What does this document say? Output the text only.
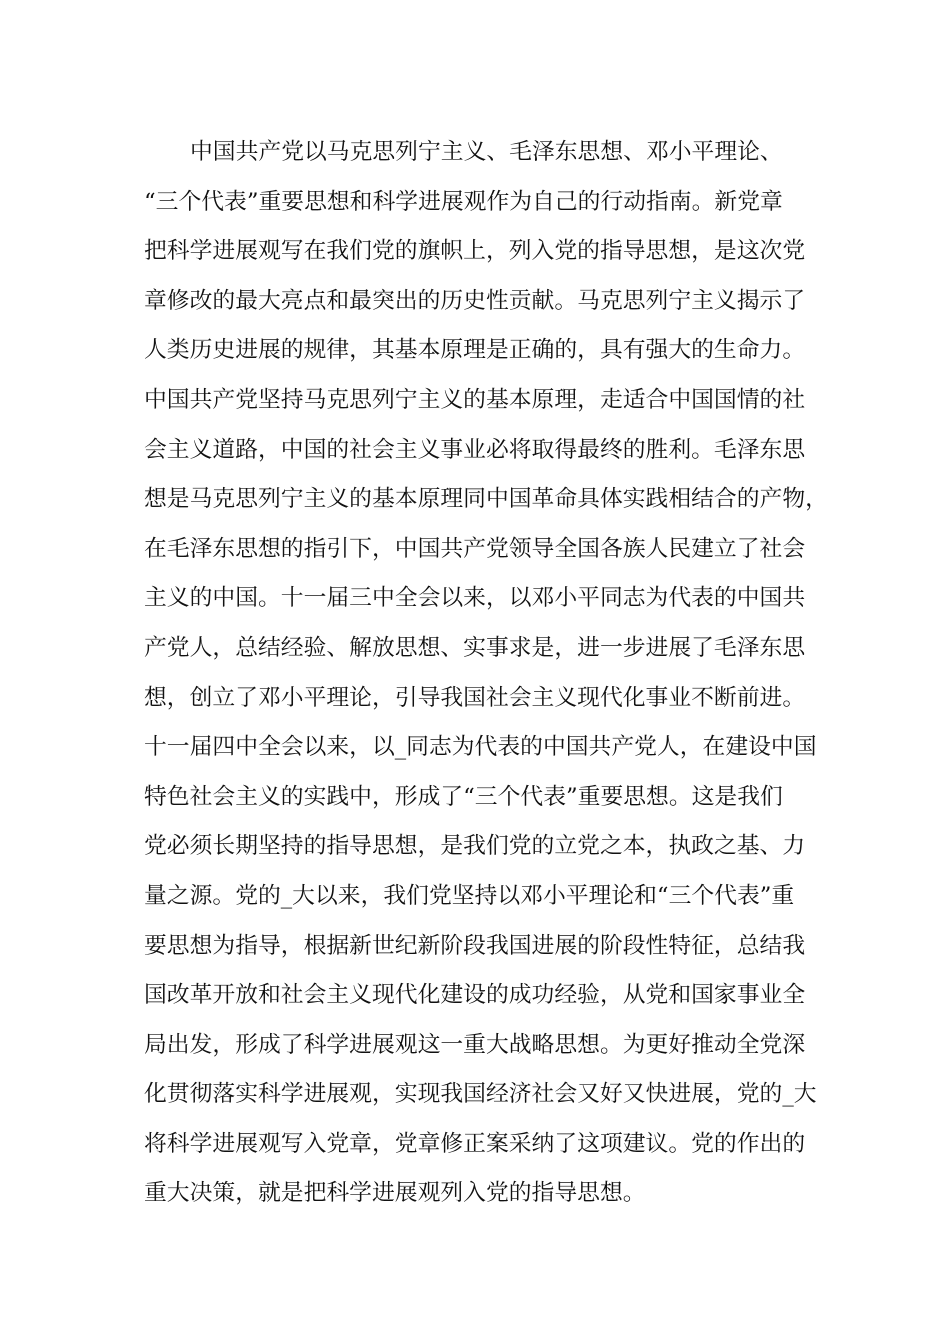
中国共产党以马克思列宁主义、毛泽东思想、邓小平理论、
“三个代表”重要思想和科学进展观作为自己的行动指南。新党章
把科学进展观写在我们党的旗帜上，列入党的指导思想，是这次党
章修改的最大亮点和最突出的历史性贡献。马克思列宁主义揭示了
人类历史进展的规律，其基本原理是正确的，具有强大的生命力。
中国共产党坚持马克思列宁主义的基本原理，走适合中国国情的社
会主义道路，中国的社会主义事业必将取得最终的胜利。毛泽东思
想是马克思列宁主义的基本原理同中国革命具体实践相结合的产物，
在毛泽东思想的指引下，中国共产党领导全国各族人民建立了社会
主义的中国。十一届三中全会以来，以邓小平同志为代表的中国共
产党人，总结经验、解放思想、实事求是，进一步进展了毛泽东思
想，创立了邓小平理论，引导我国社会主义现代化事业不断前进。
十一届四中全会以来，以_同志为代表的中国共产党人，在建设中国
特色社会主义的实践中，形成了“三个代表”重要思想。这是我们
党必须长期坚持的指导思想，是我们党的立党之本，执政之基、力
量之源。党的_大以来，我们党坚持以邓小平理论和“三个代表”重
要思想为指导，根据新世纪新阶段我国进展的阶段性特征，总结我
国改革开放和社会主义现代化建设的成功经验，从党和国家事业全
局出发，形成了科学进展观这一重大战略思想。为更好推动全党深
化贯彻落实科学进展观，实现我国经济社会又好又快进展，党的_大
将科学进展观写入党章，党章修正案采纳了这项建议。党的作出的
重大决策，就是把科学进展观列入党的指导思想。
